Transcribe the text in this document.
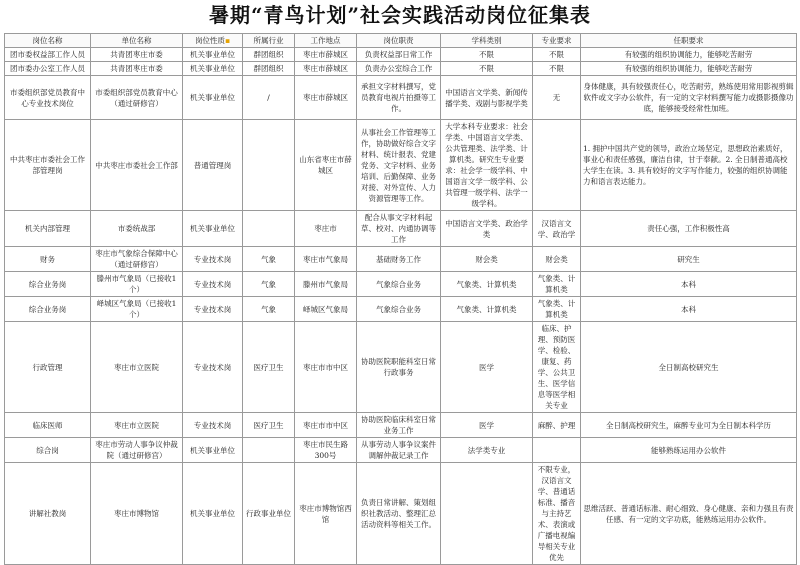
暑期“青鸟计划”社会实践活动岗位征集表
岗位名称	单位名称	岗位性质▪	所属行业	工作地点	岗位职责	学科类别	专业要求	任职要求
团市委权益部工作人员	共青团枣庄市委	机关事业单位	群团组织	枣庄市薛城区	负责权益部日常工作	不限	不限	有较强的组织协调能力，能够吃苦耐劳
团市委办公室工作人员	共青团枣庄市委	机关事业单位	群团组织	枣庄市薛城区	负责办公室综合工作	不限	不限	有较强的组织协调能力，能够吃苦耐劳
市委组织部党员教育中心专业技术岗位	市委组织部党员教育中心（通过研修宫）	机关事业单位	/	枣庄市薛城区	承担文字材料撰写，党员教育电视片拍摄等工作。	中国语言文学类、新闻传播学类、戏剧与影视学类	无	身体健康，具有较强责任心，吃苦耐劳，熟练使用常用影视剪辑软件或文字办公软件，有一定的文字材料撰写能力或摄影摄像功底，能够接受经常性加班。
中共枣庄市委社会工作部管理岗	中共枣庄市委社会工作部	普通管理岗		山东省枣庄市薛城区	从事社会工作管理等工作，协助做好综合文字材料、统计报表、党建党务、文字材料、业务培训、后勤保障、业务对接、对外宣传、人力资源管理等工作。	大学本科专业要求：社会学类、中国语言文学类、公共管理类、法学类、计算机类。研究生专业要求：社会学一级学科、中国语言文学一级学科、公共管理一级学科、法学一级学科。		1. 拥护中国共产党的领导，政治立场坚定，思想政治素质好，事业心和责任感强，廉洁自律，甘于奉献。2. 全日制普通高校大学生在读。3. 具有较好的文字写作能力，较强的组织协调能力和语言表达能力。
机关内部管理	市委统战部	机关事业单位		枣庄市	配合从事文字材料起草、校对、内通协调等工作	中国语言文学类、政治学类	汉语言文学、政治学	责任心强，工作积极性高
财务	枣庄市气象综合保障中心（通过研修宫）	专业技术岗	气象	枣庄市气象局	基础财务工作	财会类	财会类	研究生
综合业务岗	滕州市气象局（已接收1个）	专业技术岗	气象	滕州市气象局	气象综合业务	气象类、计算机类	气象类、计算机类	本科
综合业务岗	峄城区气象局（已接收1个）	专业技术岗	气象	峄城区气象局	气象综合业务	气象类、计算机类	气象类、计算机类	本科
行政管理	枣庄市立医院	专业技术岗	医疗卫生	枣庄市市中区	协助医院职能科室日常行政事务	医学	临床、护理、预防医学、检验、康复、药学、公共卫生、医学信息等医学相关专业	全日制高校研究生
临床医师	枣庄市立医院	专业技术岗	医疗卫生	枣庄市市中区	协助医院临床科室日常业务工作	医学	麻醉、护理	全日制高校研究生，麻醉专业可为全日制本科学历
综合岗	枣庄市劳动人事争议仲裁院（通过研修宫）	机关事业单位		枣庄市民生路300号	从事劳动人事争议案件调解仲裁记录工作	法学类专业		能够熟练运用办公软件
讲解社教岗	枣庄市博物馆	机关事业单位	行政事业单位	枣庄市博物馆西馆	负责日常讲解、策划组织社教活动、整理汇总活动资料等相关工作。		不限专业，汉语言文学、普通话标准、播音与主持艺术、表演或广播电视编导相关专业优先	思维活跃、普通话标准、耐心细致、身心健康、亲和力强且有责任感、有一定的文字功底，能熟练运用办公软件。
